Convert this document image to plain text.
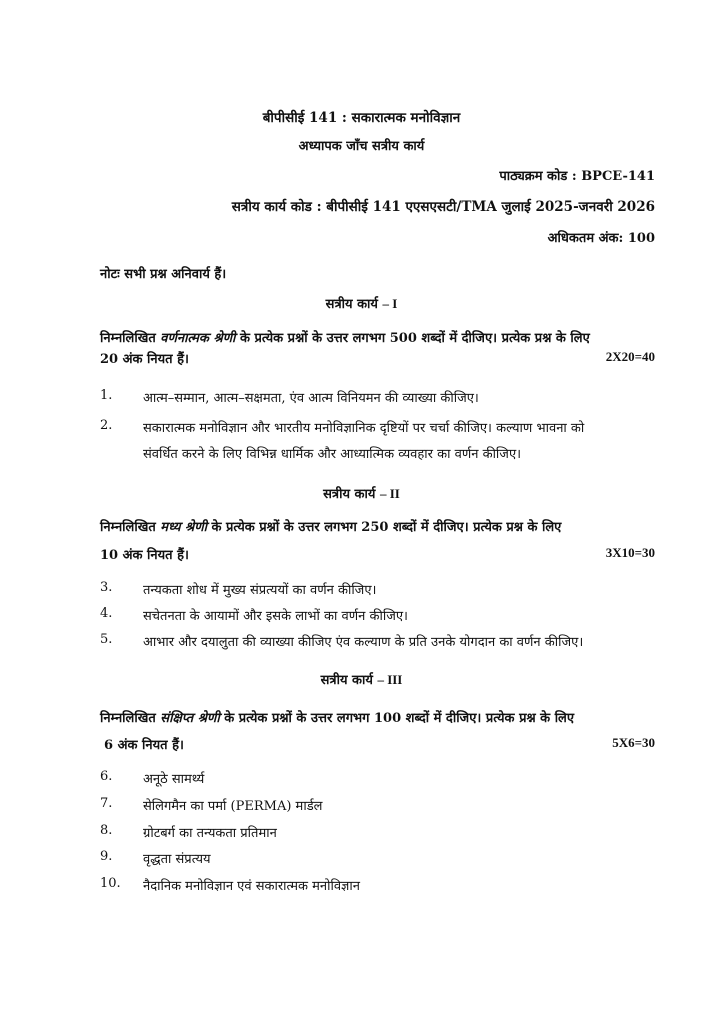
बीपीसीई 141 : सकारात्मक मनोविज्ञान
अध्यापक जाँच सत्रीय कार्य
पाठ्यक्रम कोड : BPCE-141
सत्रीय कार्य कोड : बीपीसीई 141 एएसएसटी/TMA जुलाई 2025-जनवरी 2026
अधिकतम अंक: 100
नोटः सभी प्रश्न अनिवार्य हैं।
सत्रीय कार्य – I
निम्नलिखित वर्णनात्मक श्रेणी के प्रत्येक प्रश्नों के उत्तर लगभग 500 शब्दों में दीजिए। प्रत्येक प्रश्न के लिए
20 अंक नियत हैं।	2X20=40
1. आत्म–सम्मान, आत्म–सक्षमता, एंव आत्म विनियमन की व्याख्या कीजिए।
2. सकारात्मक मनोविज्ञान और भारतीय मनोविज्ञानिक दृष्टियों पर चर्चा कीजिए। कल्याण भावना को
संवर्धित करने के लिए विभिन्न धार्मिक और आध्यात्मिक व्यवहार का वर्णन कीजिए।
सत्रीय कार्य – II
निम्नलिखित मध्य श्रेणी के प्रत्येक प्रश्नों के उत्तर लगभग 250 शब्दों में दीजिए। प्रत्येक प्रश्न के लिए
10 अंक नियत हैं।	3X10=30
3. तन्यकता शोध में मुख्य संप्रत्ययों का वर्णन कीजिए।
4. सचेतनता के आयामों और इसके लाभों का वर्णन कीजिए।
5. आभार और दयालुता की व्याख्या कीजिए एंव कल्याण के प्रति उनके योगदान का वर्णन कीजिए।
सत्रीय कार्य – III
निम्नलिखित संक्षिप्त श्रेणी के प्रत्येक प्रश्नों के उत्तर लगभग 100 शब्दों में दीजिए। प्रत्येक प्रश्न के लिए
6 अंक नियत हैं।	5X6=30
6. अनूठे सामर्थ्य
7. सेलिगमैन का पर्मा (PERMA) मार्डल
8. ग्रोटबर्ग का तन्यकता प्रतिमान
9. वृद्धता संप्रत्यय
10. नैदानिक मनोविज्ञान एवं सकारात्मक मनोविज्ञान
